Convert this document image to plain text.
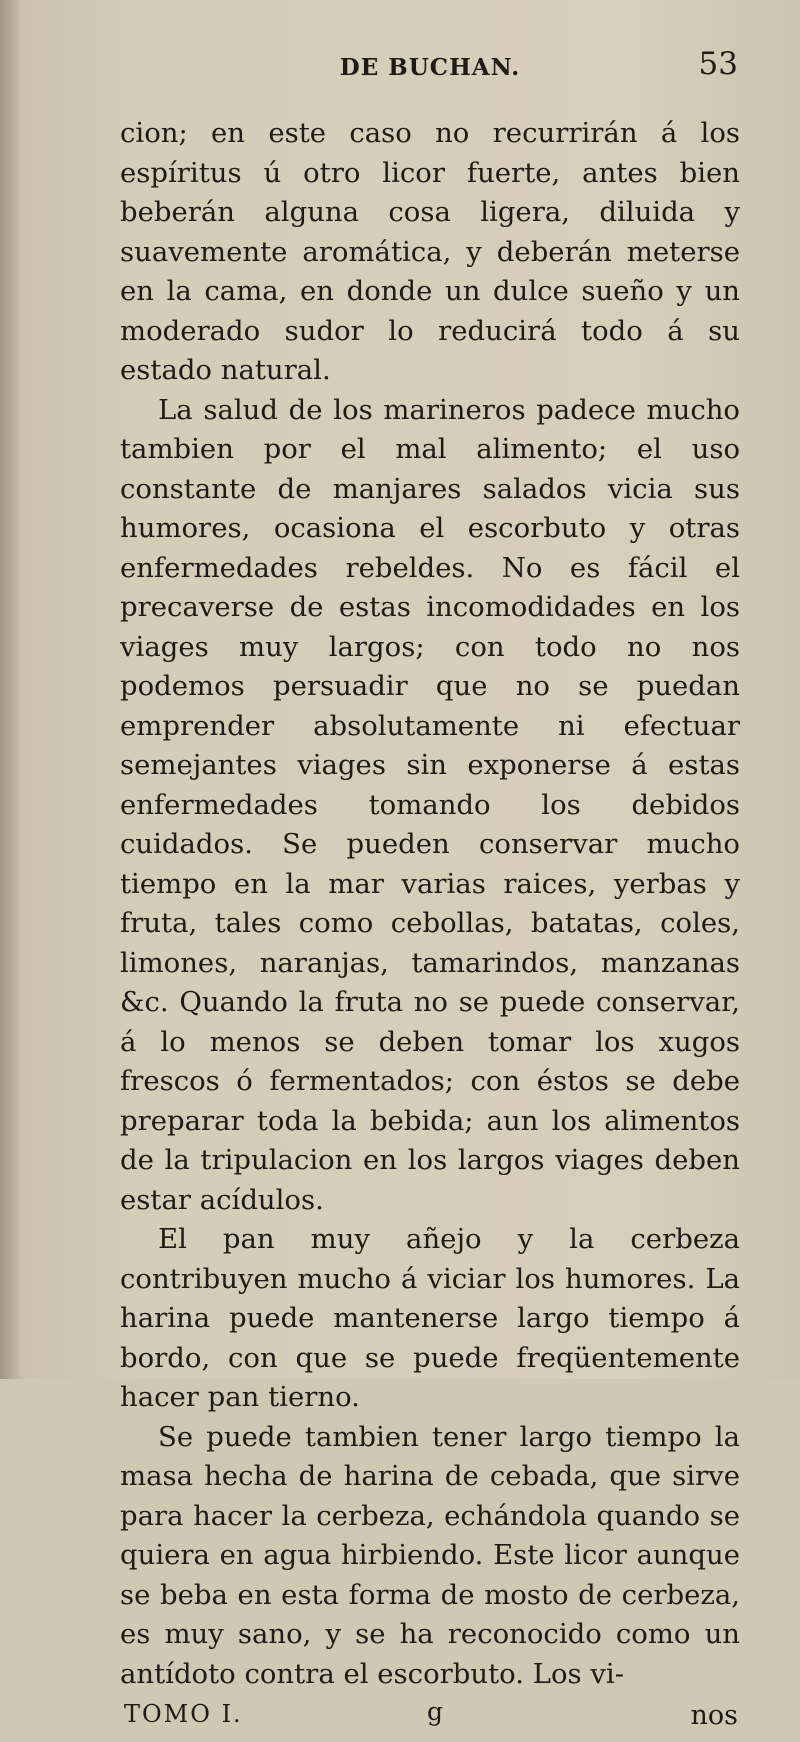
DE BUCHAN.	53

cion; en este caso no recurrirán á los espíritus ú otro licor fuerte, antes bien beberán alguna cosa ligera, diluida y suavemente aromática, y deberán meterse en la cama, en donde un dulce sueño y un moderado sudor lo reducirá todo á su estado natural.

La salud de los marineros padece mucho tambien por el mal alimento; el uso constante de manjares salados vicia sus humores, ocasiona el escorbuto y otras enfermedades rebeldes. No es fácil el precaverse de estas incomodidades en los viages muy largos; con todo no nos podemos persuadir que no se puedan emprender absolutamente ni efectuar semejantes viages sin exponerse á estas enfermedades tomando los debidos cuidados. Se pueden conservar mucho tiempo en la mar varias raices, yerbas y fruta, tales como cebollas, batatas, coles, limones, naranjas, tamarindos, manzanas &c. Quando la fruta no se puede conservar, á lo menos se deben tomar los xugos frescos ó fermentados; con éstos se debe preparar toda la bebida; aun los alimentos de la tripulacion en los largos viages deben estar acídulos.

El pan muy añejo y la cerbeza contribuyen mucho á viciar los humores. La harina puede mantenerse largo tiempo á bordo, con que se puede freqüentemente hacer pan tierno.

Se puede tambien tener largo tiempo la masa hecha de harina de cebada, que sirve para hacer la cerbeza, echándola quando se quiera en agua hirbiendo. Este licor aunque se beba en esta forma de mosto de cerbeza, es muy sano, y se ha reconocido como un antídoto contra el escorbuto. Los vi-

TOMO I.	g	nos
